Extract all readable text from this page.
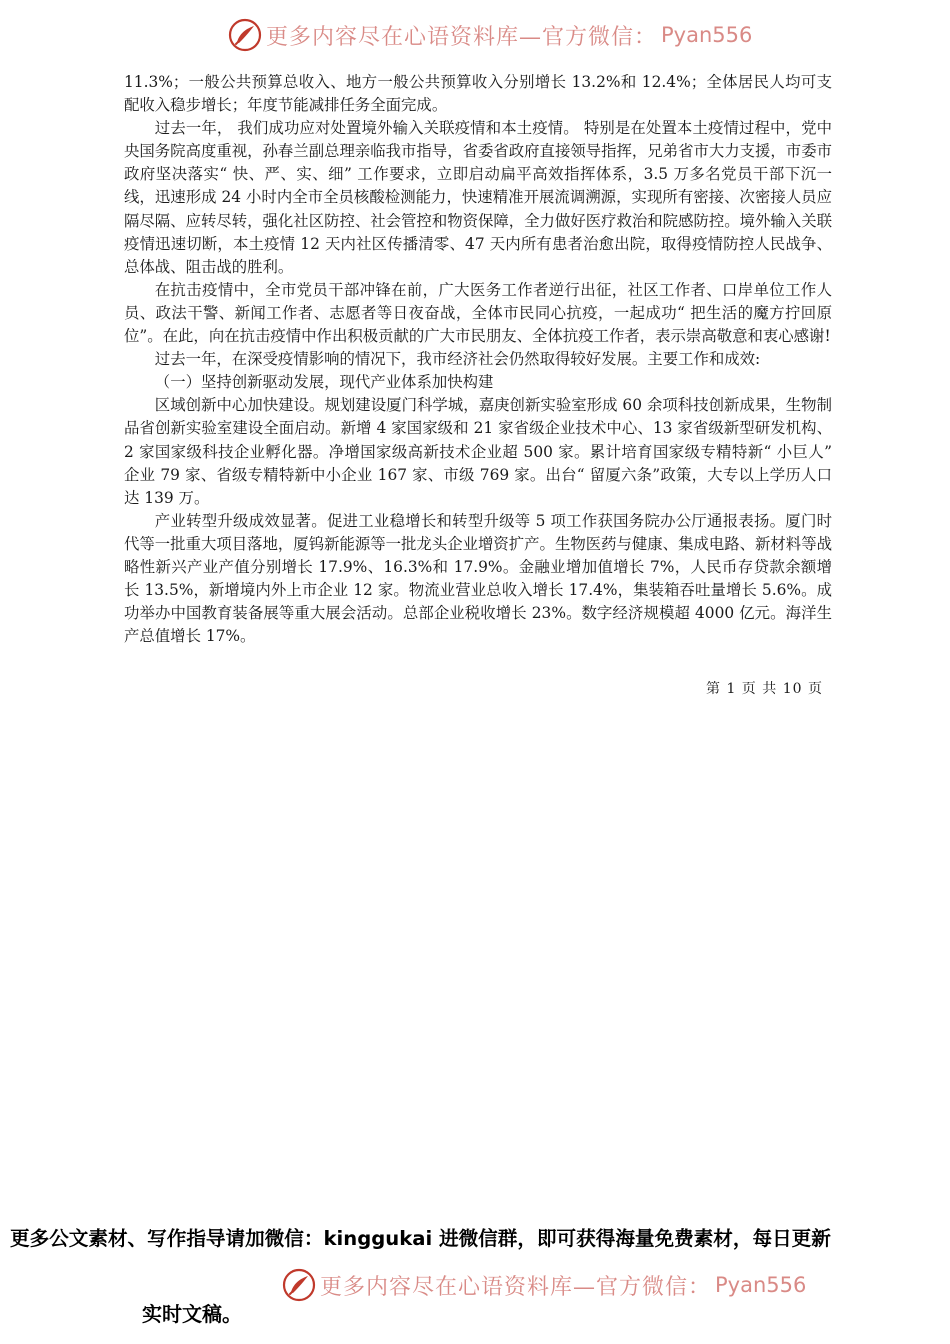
更多内容尽在心语资料库—官方微信： Pyan556

11.3%；一般公共预算总收入、地方一般公共预算收入分别增长 13.2%和 12.4%；全体居民人均可支配收入稳步增长；年度节能减排任务全面完成。

过去一年， 我们成功应对处置境外输入关联疫情和本土疫情。 特别是在处置本土疫情过程中，党中央国务院高度重视，孙春兰副总理亲临我市指导，省委省政府直接领导指挥，兄弟省市大力支援，市委市政府坚决落实“ 快、严、实、细” 工作要求，立即启动扁平高效指挥体系，3.5 万多名党员干部下沉一线，迅速形成 24 小时内全市全员核酸检测能力，快速精准开展流调溯源，实现所有密接、次密接人员应隔尽隔、应转尽转，强化社区防控、社会管控和物资保障，全力做好医疗救治和院感防控。境外输入关联疫情迅速切断，本土疫情 12 天内社区传播清零、47 天内所有患者治愈出院，取得疫情防控人民战争、总体战、阻击战的胜利。

在抗击疫情中，全市党员干部冲锋在前，广大医务工作者逆行出征，社区工作者、口岸单位工作人员、政法干警、新闻工作者、志愿者等日夜奋战，全体市民同心抗疫，一起成功“ 把生活的魔方拧回原位”。在此，向在抗击疫情中作出积极贡献的广大市民朋友、全体抗疫工作者，表示崇高敬意和衷心感谢!

过去一年，在深受疫情影响的情况下，我市经济社会仍然取得较好发展。主要工作和成效:

（一）坚持创新驱动发展，现代产业体系加快构建

区域创新中心加快建设。规划建设厦门科学城，嘉庚创新实验室形成 60 余项科技创新成果，生物制品省创新实验室建设全面启动。新增 4 家国家级和 21 家省级企业技术中心、13 家省级新型研发机构、2 家国家级科技企业孵化器。净增国家级高新技术企业超 500 家。累计培育国家级专精特新“ 小巨人” 企业 79 家、省级专精特新中小企业 167 家、市级 769 家。出台“ 留厦六条”政策，大专以上学历人口达 139 万。

产业转型升级成效显著。促进工业稳增长和转型升级等 5 项工作获国务院办公厅通报表扬。厦门时代等一批重大项目落地，厦钨新能源等一批龙头企业增资扩产。生物医药与健康、集成电路、新材料等战略性新兴产业产值分别增长 17.9%、16.3%和 17.9%。金融业增加值增长 7%，人民币存贷款余额增长 13.5%，新增境内外上市企业 12 家。物流业营业总收入增长 17.4%，集装箱吞吐量增长 5.6%。成功举办中国教育装备展等重大展会活动。总部企业税收增长 23%。数字经济规模超 4000 亿元。海洋生产总值增长 17%。

第 1 页 共 10 页
更多公文素材、写作指导请加微信：kinggukai 进微信群，即可获得海量免费素材，每日更新
更多内容尽在心语资料库—官方微信： Pyan556
实时文稿。
